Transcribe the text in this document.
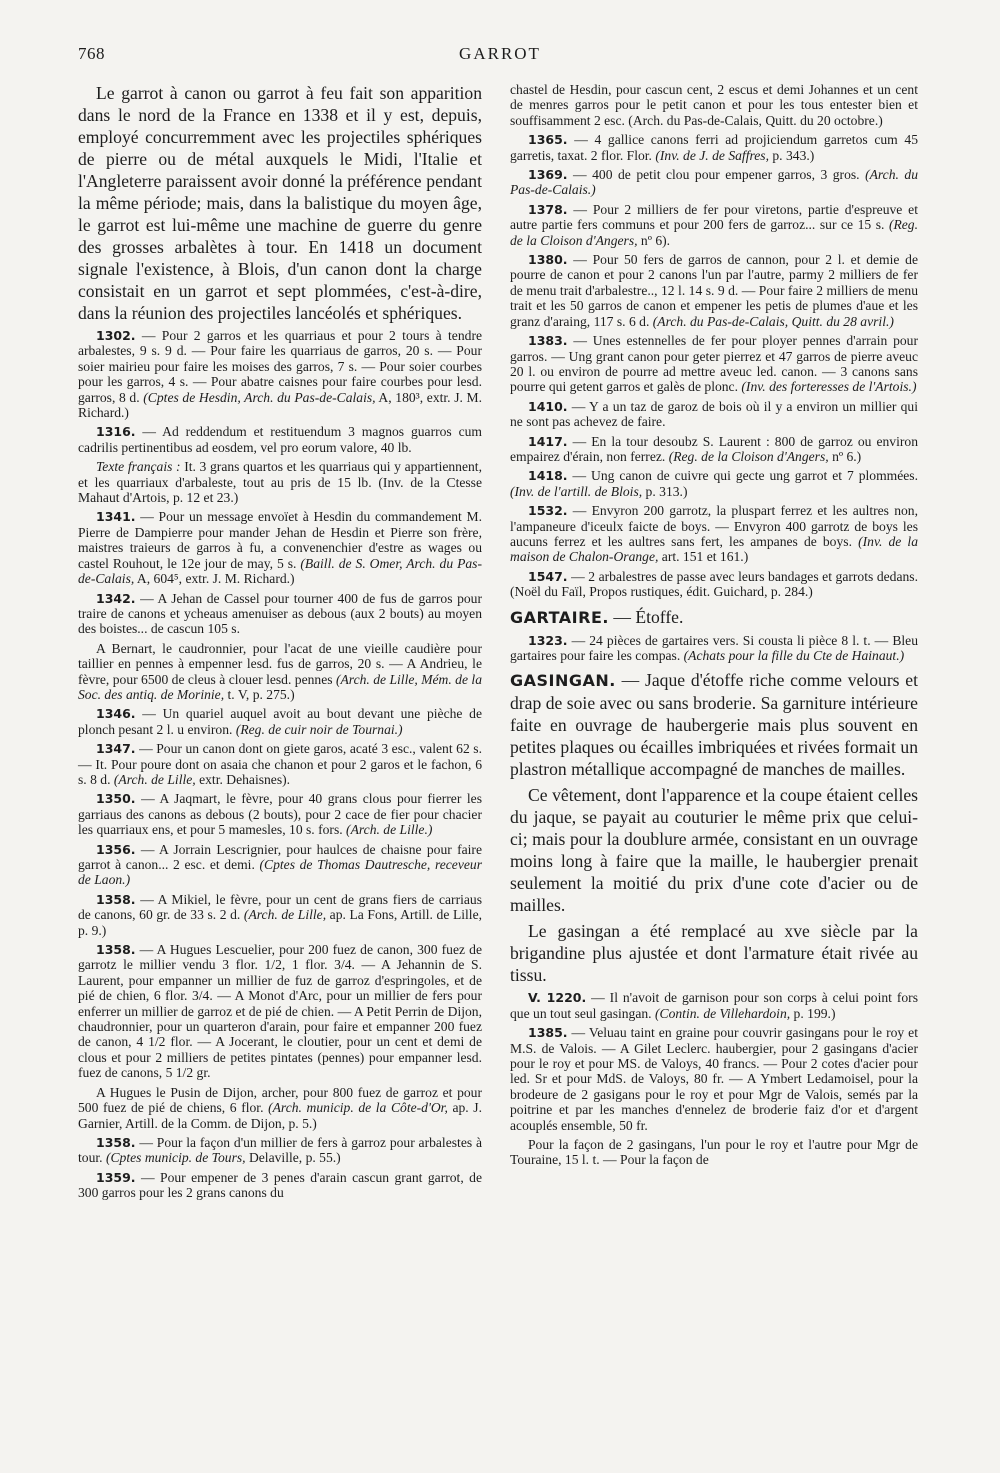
768	GARROT

Le garrot à canon ou garrot à feu fait son apparition dans le nord de la France en 1338 et il y est, depuis, employé concurremment avec les projectiles sphériques de pierre ou de métal auxquels le Midi, l'Italie et l'Angleterre paraissent avoir donné la préférence pendant la même période; mais, dans la balistique du moyen âge, le garrot est lui-même une machine de guerre du genre des grosses arbalètes à tour. En 1418 un document signale l'existence, à Blois, d'un canon dont la charge consistait en un garrot et sept plommées, c'est-à-dire, dans la réunion des projectiles lancéolés et sphériques.

1302. — Pour 2 garros et les quarriaus et pour 2 tours à tendre arbalestes, 9 s. 9 d. — Pour faire les quarriaus de garros, 20 s. — Pour soier mairieu pour faire les moises des garros, 7 s. — Pour soier courbes pour les garros, 4 s. — Pour abatre caisnes pour faire courbes pour lesd. garros, 8 d. (Cptes de Hesdin, Arch. du Pas-de-Calais, A, 180³, extr. J. M. Richard.)

1316. — Ad reddendum et restituendum 3 magnos guarros cum cadrilis pertinentibus ad eosdem, vel pro eorum valore, 40 lb.

Texte français : It. 3 grans quartos et les quarriaus qui y appartiennent, et les quarriaux d'arbaleste, tout au pris de 15 lb. (Inv. de la Ctesse Mahaut d'Artois, p. 12 et 23.)

1341. — Pour un message envoïet à Hesdin du commandement M. Pierre de Dampierre pour mander Jehan de Hesdin et Pierre son frère, maistres traieurs de garros à fu, a convenenchier d'estre as wages ou castel Rouhout, le 12e jour de may, 5 s. (Baill. de S. Omer, Arch. du Pas-de-Calais, A, 604⁵, extr. J. M. Richard.)

1342. — A Jehan de Cassel pour tourner 400 de fus de garros pour traire de canons et ycheaus amenuiser as debous (aux 2 bouts) au moyen des boistes... de cascun 105 s.

A Bernart, le caudronnier, pour l'acat de une vieille caudière pour taillier en pennes à empenner lesd. fus de garros, 20 s. — A Andrieu, le fèvre, pour 6500 de cleus à clouer lesd. pennes (Arch. de Lille, Mém. de la Soc. des antiq. de Morinie, t. V, p. 275.)

1346. — Un quariel auquel avoit au bout devant une pièche de plonch pesant 2 l. u environ. (Reg. de cuir noir de Tournai.)

1347. — Pour un canon dont on giete garos, acaté 3 esc., valent 62 s. — It. Pour poure dont on asaia che chanon et pour 2 garos et le fachon, 6 s. 8 d. (Arch. de Lille, extr. Dehaisnes).

1350. — A Jaqmart, le fèvre, pour 40 grans clous pour fierrer les garriaus des canons as debous (2 bouts), pour 2 cace de fier pour chacier les quarriaux ens, et pour 5 mamesles, 10 s. fors. (Arch. de Lille.)

1356. — A Jorrain Lescrignier, pour haulces de chaisne pour faire garrot à canon... 2 esc. et demi. (Cptes de Thomas Dautresche, receveur de Laon.)

1358. — A Mikiel, le fèvre, pour un cent de grans fiers de carriaus de canons, 60 gr. de 33 s. 2 d. (Arch. de Lille, ap. La Fons, Artill. de Lille, p. 9.)

1358. — A Hugues Lescuelier, pour 200 fuez de canon, 300 fuez de garrotz le millier vendu 3 flor. 1/2, 1 flor. 3/4. — A Jehannin de S. Laurent, pour empanner un millier de fuz de garroz d'espringoles, et de pié de chien, 6 flor. 3/4. — A Monot d'Arc, pour un millier de fers pour enferrer un millier de garroz et de pié de chien. — A Petit Perrin de Dijon, chaudronnier, pour un quarteron d'arain, pour faire et empanner 200 fuez de canon, 4 1/2 flor. — A Jocerant, le cloutier, pour un cent et demi de clous et pour 2 milliers de petites pintates (pennes) pour empanner lesd. fuez de canons, 5 1/2 gr.

A Hugues le Pusin de Dijon, archer, pour 800 fuez de garroz et pour 500 fuez de pié de chiens, 6 flor. (Arch. municip. de la Côte-d'Or, ap. J. Garnier, Artill. de la Comm. de Dijon, p. 5.)

1358. — Pour la façon d'un millier de fers à garroz pour arbalestes à tour. (Cptes municip. de Tours, Delaville, p. 55.)

1359. — Pour empener de 3 penes d'arain cascun grant garrot, de 300 garros pour les 2 grans canons du

chastel de Hesdin, pour cascun cent, 2 escus et demi Johannes et un cent de menres garros pour le petit canon et pour les tous entester bien et souffisamment 2 esc. (Arch. du Pas-de-Calais, Quitt. du 20 octobre.)

1365. — 4 gallice canons ferri ad projiciendum garretos cum 45 garretis, taxat. 2 flor. Flor. (Inv. de J. de Saffres, p. 343.)

1369. — 400 de petit clou pour empener garros, 3 gros. (Arch. du Pas-de-Calais.)

1378. — Pour 2 milliers de fer pour viretons, partie d'espreuve et autre partie fers communs et pour 200 fers de garroz... sur ce 15 s. (Reg. de la Cloison d'Angers, nº 6).

1380. — Pour 50 fers de garros de cannon, pour 2 l. et demie de pourre de canon et pour 2 canons l'un par l'autre, parmy 2 milliers de fer de menu trait d'arbalestre.., 12 l. 14 s. 9 d. — Pour faire 2 milliers de menu trait et les 50 garros de canon et empener les petis de plumes d'aue et les granz d'araing, 117 s. 6 d. (Arch. du Pas-de-Calais, Quitt. du 28 avril.)

1383. — Unes estennelles de fer pour ployer pennes d'arrain pour garros. — Ung grant canon pour geter pierrez et 47 garros de pierre aveuc 20 l. ou environ de pourre ad mettre aveuc led. canon. — 3 canons sans pourre qui getent garros et galès de plonc. (Inv. des forteresses de l'Artois.)

1410. — Y a un taz de garoz de bois où il y a environ un millier qui ne sont pas achevez de faire.

1417. — En la tour desoubz S. Laurent : 800 de garroz ou environ empairez d'érain, non ferrez. (Reg. de la Cloison d'Angers, nº 6.)

1418. — Ung canon de cuivre qui gecte ung garrot et 7 plommées. (Inv. de l'artill. de Blois, p. 313.)

1532. — Envyron 200 garrotz, la pluspart ferrez et les aultres non, l'ampaneure d'iceulx faicte de boys. — Envyron 400 garrotz de boys les aucuns ferrez et les aultres sans fert, les ampanes de boys. (Inv. de la maison de Chalon-Orange, art. 151 et 161.)

1547. — 2 arbalestres de passe avec leurs bandages et garrots dedans. (Noël du Faïl, Propos rustiques, édit. Guichard, p. 284.)

GARTAIRE. — Étoffe.

1323. — 24 pièces de gartaires vers. Si cousta li pièce 8 l. t. — Bleu gartaires pour faire les compas. (Achats pour la fille du Cte de Hainaut.)

GASINGAN. — Jaque d'étoffe riche comme velours et drap de soie avec ou sans broderie. Sa garniture intérieure faite en ouvrage de haubergerie mais plus souvent en petites plaques ou écailles imbriquées et rivées formait un plastron métallique accompagné de manches de mailles.

Ce vêtement, dont l'apparence et la coupe étaient celles du jaque, se payait au couturier le même prix que celui-ci; mais pour la doublure armée, consistant en un ouvrage moins long à faire que la maille, le haubergier prenait seulement la moitié du prix d'une cote d'acier ou de mailles.

Le gasingan a été remplacé au xve siècle par la brigandine plus ajustée et dont l'armature était rivée au tissu.

V. 1220. — Il n'avoit de garnison pour son corps à celui point fors que un tout seul gasingan. (Contin. de Villehardoin, p. 199.)

1385. — Veluau taint en graine pour couvrir gasingans pour le roy et M.S. de Valois. — A Gilet Leclerc. haubergier, pour 2 gasingans d'acier pour le roy et pour MS. de Valoys, 40 francs. — Pour 2 cotes d'acier pour led. Sr et pour MdS. de Valoys, 80 fr. — A Ymbert Ledamoisel, pour la brodeure de 2 gasigans pour le roy et pour Mgr de Valois, semés par la poitrine et par les manches d'ennelez de broderie faiz d'or et d'argent acouplés ensemble, 50 fr.

Pour la façon de 2 gasingans, l'un pour le roy et l'autre pour Mgr de Touraine, 15 l. t. — Pour la façon de
